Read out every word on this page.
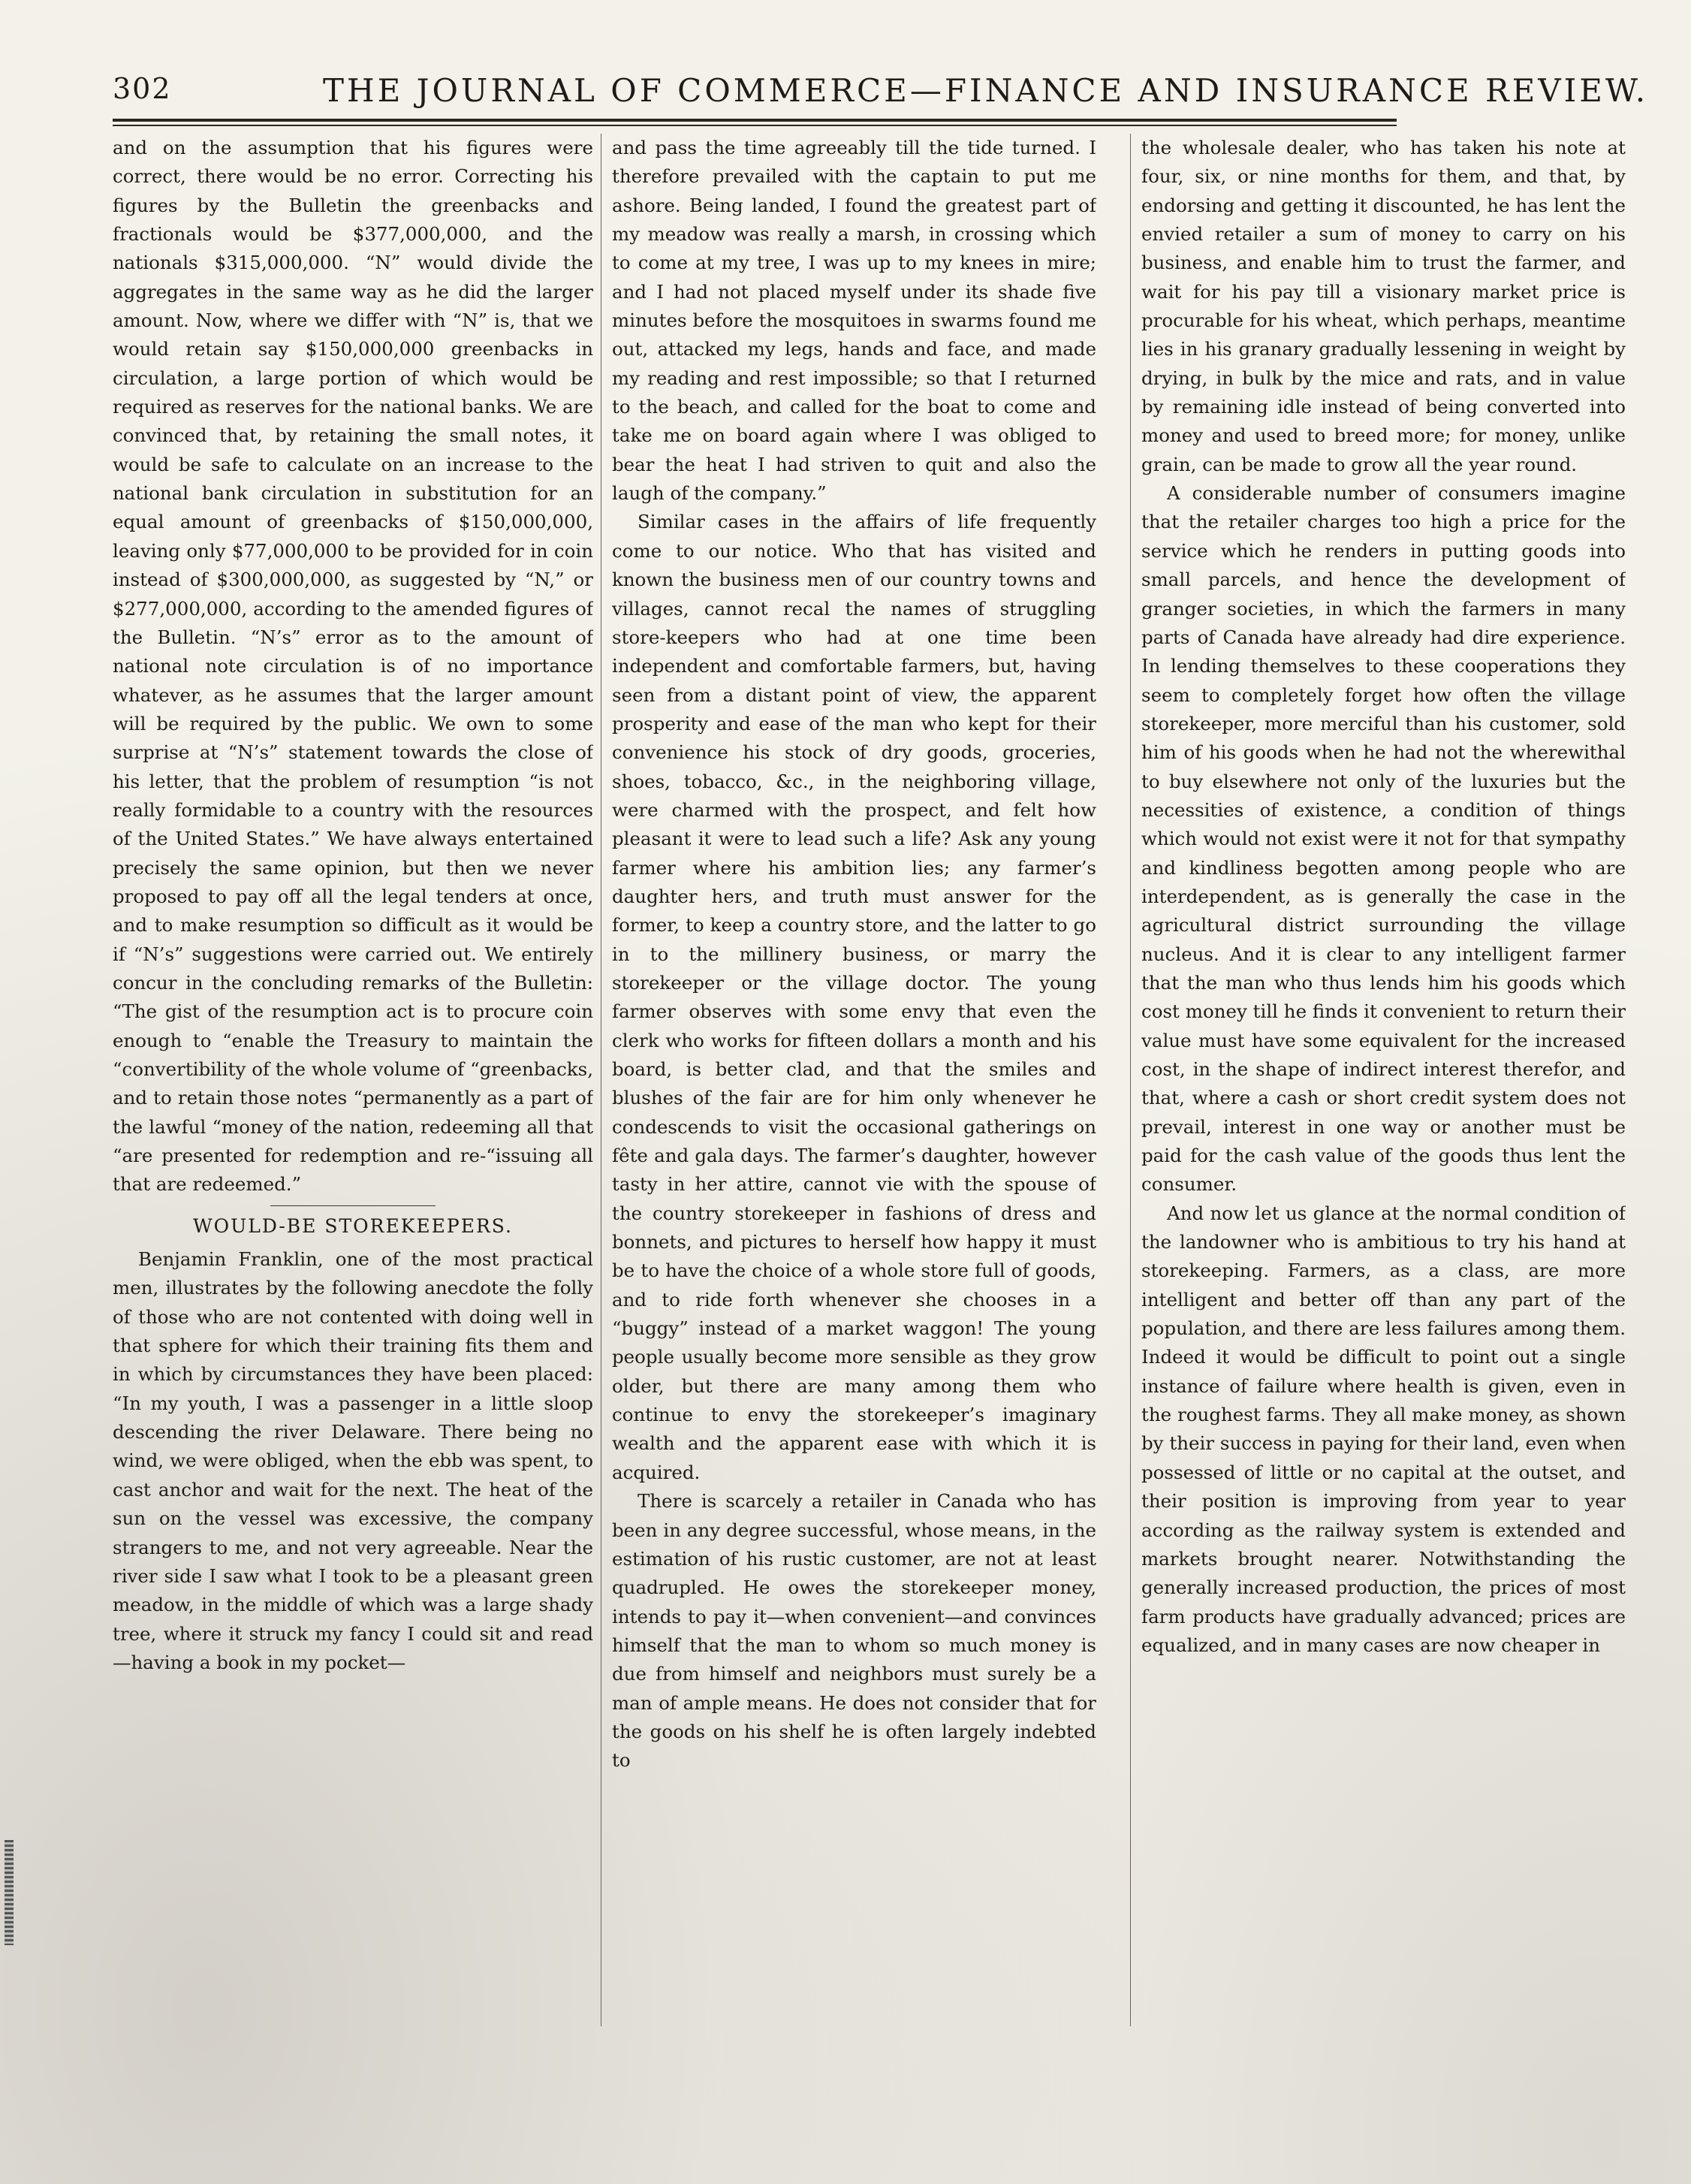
302	THE JOURNAL OF COMMERCE—FINANCE AND INSURANCE REVIEW.

and on the assumption that his figures were correct, there would be no error. Correcting his figures by the Bulletin the greenbacks and fractionals would be $377,000,000, and the nationals $315,000,000. “N” would divide the aggregates in the same way as he did the larger amount. Now, where we differ with “N” is, that we would retain say $150,000,000 greenbacks in circulation, a large portion of which would be required as reserves for the national banks. We are convinced that, by retaining the small notes, it would be safe to calculate on an increase to the national bank circulation in substitution for an equal amount of greenbacks of $150,000,000, leaving only $77,000,000 to be provided for in coin instead of $300,000,000, as suggested by “N,” or $277,000,000, according to the amended figures of the Bulletin. “N’s” error as to the amount of national note circulation is of no importance whatever, as he assumes that the larger amount will be required by the public. We own to some surprise at “N’s” statement towards the close of his letter, that the problem of resumption “is not really formidable to a country with the resources of the United States.” We have always entertained precisely the same opinion, but then we never proposed to pay off all the legal tenders at once, and to make resumption so difficult as it would be if “N’s” suggestions were carried out. We entirely concur in the concluding remarks of the Bulletin: “The gist of the resumption act is to procure coin enough to “enable the Treasury to maintain the “convertibility of the whole volume of “greenbacks, and to retain those notes “permanently as a part of the lawful “money of the nation, redeeming all that “are presented for redemption and re-“issuing all that are redeemed.”

WOULD-BE STOREKEEPERS.

Benjamin Franklin, one of the most practical men, illustrates by the following anecdote the folly of those who are not contented with doing well in that sphere for which their training fits them and in which by circumstances they have been placed: “In my youth, I was a passenger in a little sloop descending the river Delaware. There being no wind, we were obliged, when the ebb was spent, to cast anchor and wait for the next. The heat of the sun on the vessel was excessive, the company strangers to me, and not very agreeable. Near the river side I saw what I took to be a pleasant green meadow, in the middle of which was a large shady tree, where it struck my fancy I could sit and read—having a book in my pocket—

and pass the time agreeably till the tide turned. I therefore prevailed with the captain to put me ashore. Being landed, I found the greatest part of my meadow was really a marsh, in crossing which to come at my tree, I was up to my knees in mire; and I had not placed myself under its shade five minutes before the mosquitoes in swarms found me out, attacked my legs, hands and face, and made my reading and rest impossible; so that I returned to the beach, and called for the boat to come and take me on board again where I was obliged to bear the heat I had striven to quit and also the laugh of the company.”

Similar cases in the affairs of life frequently come to our notice. Who that has visited and known the business men of our country towns and villages, cannot recal the names of struggling store-keepers who had at one time been independent and comfortable farmers, but, having seen from a distant point of view, the apparent prosperity and ease of the man who kept for their convenience his stock of dry goods, groceries, shoes, tobacco, &c., in the neighboring village, were charmed with the prospect, and felt how pleasant it were to lead such a life? Ask any young farmer where his ambition lies; any farmer’s daughter hers, and truth must answer for the former, to keep a country store, and the latter to go in to the millinery business, or marry the storekeeper or the village doctor. The young farmer observes with some envy that even the clerk who works for fifteen dollars a month and his board, is better clad, and that the smiles and blushes of the fair are for him only whenever he condescends to visit the occasional gatherings on fête and gala days. The farmer’s daughter, however tasty in her attire, cannot vie with the spouse of the country storekeeper in fashions of dress and bonnets, and pictures to herself how happy it must be to have the choice of a whole store full of goods, and to ride forth whenever she chooses in a “buggy” instead of a market waggon! The young people usually become more sensible as they grow older, but there are many among them who continue to envy the storekeeper’s imaginary wealth and the apparent ease with which it is acquired.

There is scarcely a retailer in Canada who has been in any degree successful, whose means, in the estimation of his rustic customer, are not at least quadrupled. He owes the storekeeper money, intends to pay it—when convenient—and convinces himself that the man to whom so much money is due from himself and neighbors must surely be a man of ample means. He does not consider that for the goods on his shelf he is often largely indebted to

the wholesale dealer, who has taken his note at four, six, or nine months for them, and that, by endorsing and getting it discounted, he has lent the envied retailer a sum of money to carry on his business, and enable him to trust the farmer, and wait for his pay till a visionary market price is procurable for his wheat, which perhaps, meantime lies in his granary gradually lessening in weight by drying, in bulk by the mice and rats, and in value by remaining idle instead of being converted into money and used to breed more; for money, unlike grain, can be made to grow all the year round.

A considerable number of consumers imagine that the retailer charges too high a price for the service which he renders in putting goods into small parcels, and hence the development of granger societies, in which the farmers in many parts of Canada have already had dire experience. In lending themselves to these cooperations they seem to completely forget how often the village storekeeper, more merciful than his customer, sold him of his goods when he had not the wherewithal to buy elsewhere not only of the luxuries but the necessities of existence, a condition of things which would not exist were it not for that sympathy and kindliness begotten among people who are interdependent, as is generally the case in the agricultural district surrounding the village nucleus. And it is clear to any intelligent farmer that the man who thus lends him his goods which cost money till he finds it convenient to return their value must have some equivalent for the increased cost, in the shape of indirect interest therefor, and that, where a cash or short credit system does not prevail, interest in one way or another must be paid for the cash value of the goods thus lent the consumer.

And now let us glance at the normal condition of the landowner who is ambitious to try his hand at storekeeping. Farmers, as a class, are more intelligent and better off than any part of the population, and there are less failures among them. Indeed it would be difficult to point out a single instance of failure where health is given, even in the roughest farms. They all make money, as shown by their success in paying for their land, even when possessed of little or no capital at the outset, and their position is improving from year to year according as the railway system is extended and markets brought nearer. Notwithstanding the generally increased production, the prices of most farm products have gradually advanced; prices are equalized, and in many cases are now cheaper in
